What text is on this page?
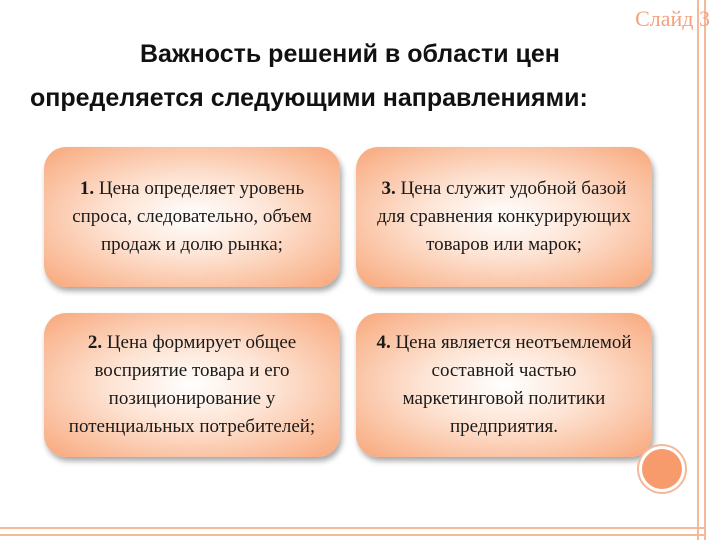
Слайд 3
Важность решений в области цен
определяется следующими направлениями:
1. Цена определяет уровень спроса, следовательно, объем продаж и долю рынка;
2. Цена формирует общее восприятие товара и его позиционирование у потенциальных потребителей;
3. Цена служит удобной базой для сравнения конкурирующих товаров или марок;
4. Цена является неотъемлемой составной частью маркетинговой политики предприятия.
